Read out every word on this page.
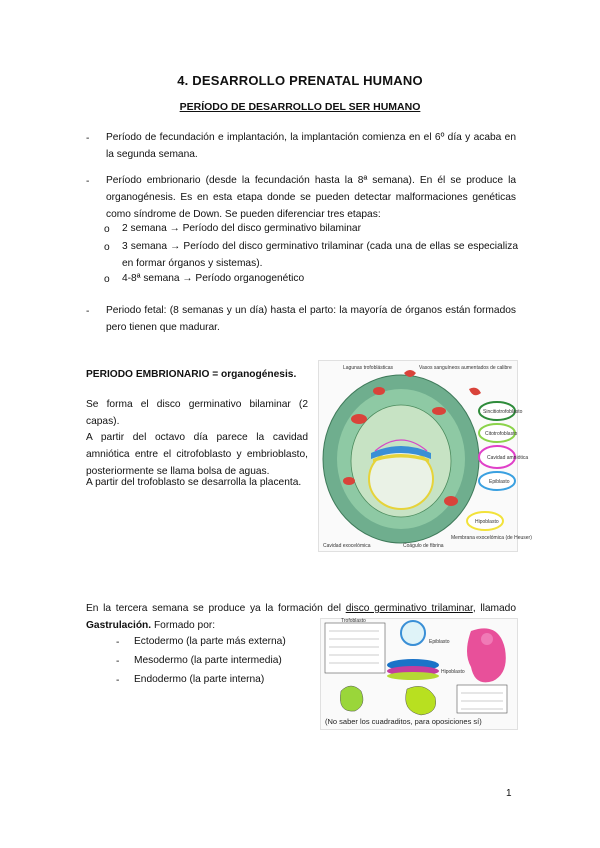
4. DESARROLLO PRENATAL HUMANO
PERÍODO DE DESARROLLO DEL SER HUMANO
- Período de fecundación e implantación, la implantación comienza en el 6º día y acaba en la segunda semana.
- Período embrionario (desde la fecundación hasta la 8ª semana). En él se produce la organogénesis. Es en esta etapa donde se pueden detectar malformaciones genéticas como síndrome de Down. Se pueden diferenciar tres etapas:
o 2 semana → Período del disco germinativo bilaminar
o 3 semana → Período del disco germinativo trilaminar (cada una de ellas se especializa en formar órganos y sistemas).
o 4-8ª semana → Período organogenético
- Periodo fetal: (8 semanas y un día) hasta el parto: la mayoría de órganos están formados pero tienen que madurar.
PERIODO EMBRIONARIO = organogénesis.
Se forma el disco germinativo bilaminar (2 capas).
A partir del octavo día parece la cavidad amniótica entre el citrofoblasto y embrioblasto, posteriormente se llama bolsa de aguas.
A partir del trofoblasto se desarrolla la placenta.
Sincitiotrofoblasto
Citotrofoblasto
Cavidad amniótica
Epiblasto
Hipoblasto
Lagunas trofoblásticas	Vasos sanguíneos aumentados de calibre
Membrana exocelómica (de Heuser)
Cavidad exocelómica	Coágulo de fibrina
En la tercera semana se produce ya la formación del disco germinativo trilaminar, llamado Gastrulación. Formado por:
- Ectodermo (la parte más externa)
- Mesodermo (la parte intermedia)
- Endodermo (la parte interna)
Trofoblasto
Epiblasto
Hipoblasto
(No saber los cuadraditos, para oposiciones sí)
1
